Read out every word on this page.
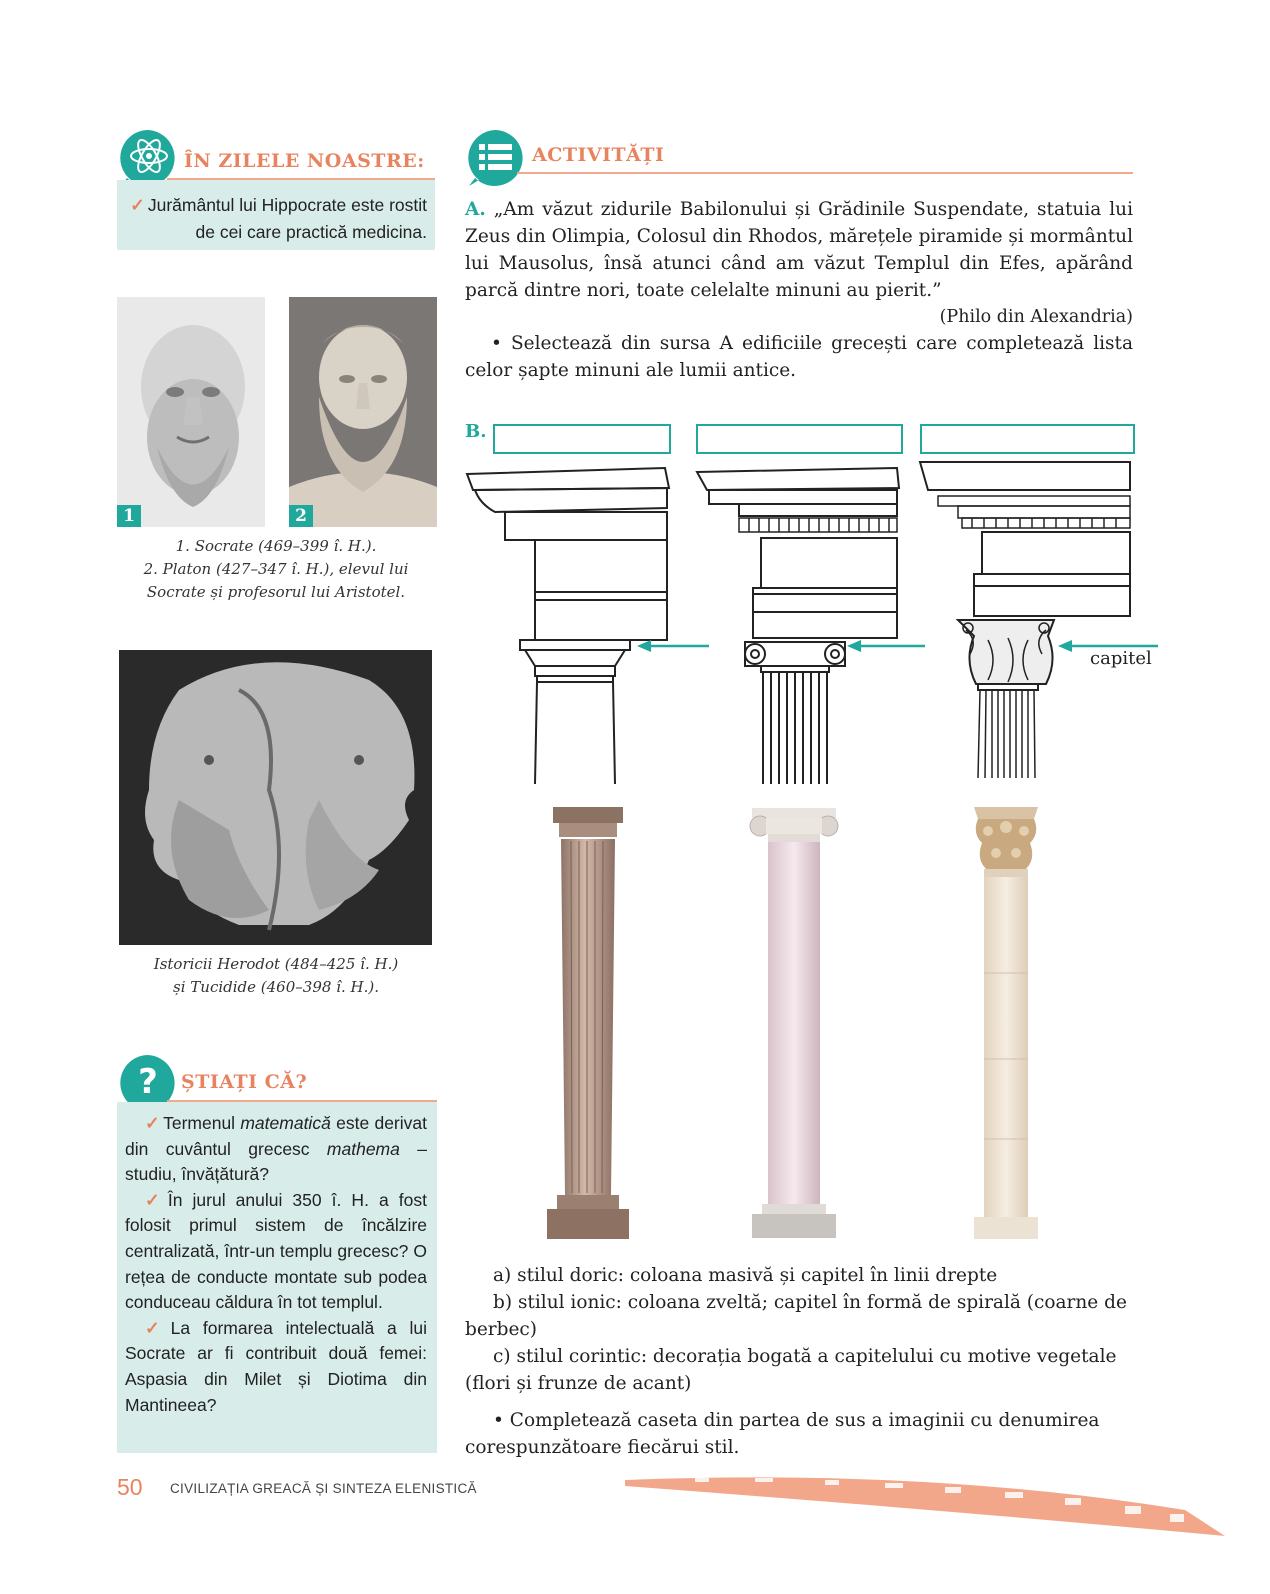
ÎN ZILELE NOASTRE:
✓ Jurământul lui Hippocrate este rostit de cei care practică medicina.
1	2
1. Socrate (469–399 î. H.).
2. Platon (427–347 î. H.), elevul lui
Socrate și profesorul lui Aristotel.
Istoricii Herodot (484–425 î. H.)
și Tucidide (460–398 î. H.).
? ȘTIAȚI CĂ?
✓ Termenul matematică este derivat din cuvântul grecesc mathema – studiu, învățătură?
✓ În jurul anului 350 î. H. a fost folosit primul sistem de încălzire centralizată, într-un templu grecesc? O rețea de conducte montate sub podea conduceau căldura în tot templul.
✓ La formarea intelectuală a lui Socrate ar fi contribuit două femei: Aspasia din Milet și Diotima din Mantineea?
ACTIVITĂȚI
A. „Am văzut zidurile Babilonului și Grădinile Suspendate, statuia lui Zeus din Olimpia, Colosul din Rhodos, mărețele piramide și mormântul lui Mausolus, însă atunci când am văzut Templul din Efes, apărând parcă dintre nori, toate celelalte minuni au pierit.”
(Philo din Alexandria)
• Selectează din sursa A edificiile grecești care completează lista celor șapte minuni ale lumii antice.
B.
capitel
a) stilul doric: coloana masivă și capitel în linii drepte
b) stilul ionic: coloana zveltă; capitel în formă de spirală (coarne de berbec)
c) stilul corintic: decorația bogată a capitelului cu motive vegetale (flori și frunze de acant)
• Completează caseta din partea de sus a imaginii cu denumirea corespunzătoare fiecărui stil.
50 CIVILIZAȚIA GREACĂ ȘI SINTEZA ELENISTICĂ
